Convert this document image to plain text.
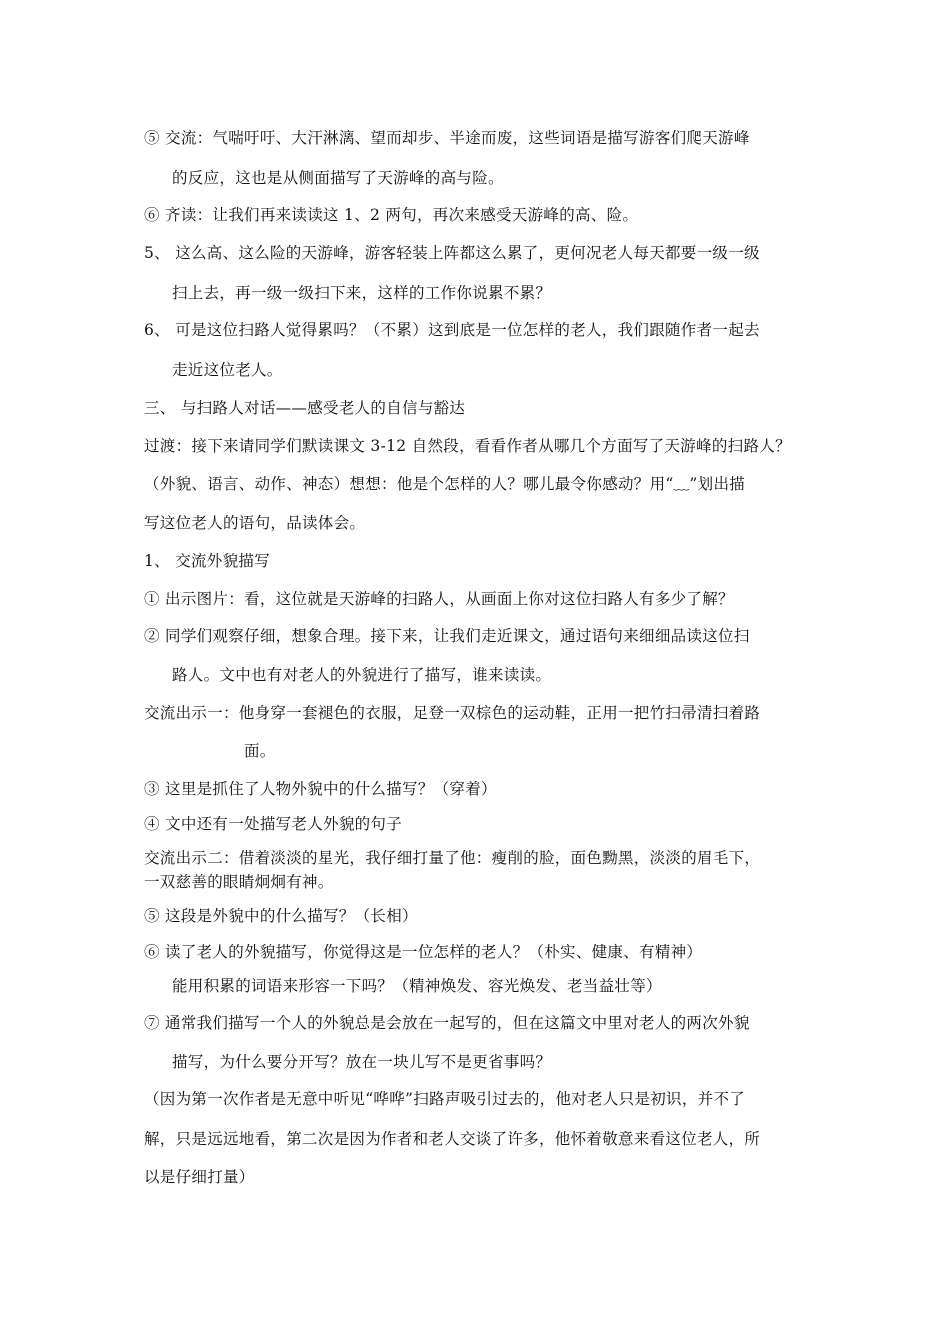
⑤ 交流：气喘吁吁、大汗淋漓、望而却步、半途而废，这些词语是描写游客们爬天游峰
的反应，这也是从侧面描写了天游峰的高与险。
⑥ 齐读：让我们再来读读这 1、2 两句，再次来感受天游峰的高、险。
5、 这么高、这么险的天游峰，游客轻装上阵都这么累了，更何况老人每天都要一级一级
扫上去，再一级一级扫下来，这样的工作你说累不累？
6、 可是这位扫路人觉得累吗？（不累）这到底是一位怎样的老人，我们跟随作者一起去
走近这位老人。
三、 与扫路人对话——感受老人的自信与豁达
过渡：接下来请同学们默读课文 3-12 自然段，看看作者从哪几个方面写了天游峰的扫路人？
（外貌、语言、动作、神态）想想：他是个怎样的人？哪儿最令你感动？用“﹏”划出描
写这位老人的语句，品读体会。
1、 交流外貌描写
① 出示图片：看，这位就是天游峰的扫路人，从画面上你对这位扫路人有多少了解？
② 同学们观察仔细，想象合理。接下来，让我们走近课文，通过语句来细细品读这位扫
路人。文中也有对老人的外貌进行了描写，谁来读读。
交流出示一：他身穿一套褪色的衣服，足登一双棕色的运动鞋，正用一把竹扫帚清扫着路
面。
③ 这里是抓住了人物外貌中的什么描写？（穿着）
④ 文中还有一处描写老人外貌的句子
交流出示二：借着淡淡的星光，我仔细打量了他：瘦削的脸，面色黝黑，淡淡的眉毛下，
一双慈善的眼睛炯炯有神。
⑤ 这段是外貌中的什么描写？（长相）
⑥ 读了老人的外貌描写，你觉得这是一位怎样的老人？（朴实、健康、有精神）
能用积累的词语来形容一下吗？（精神焕发、容光焕发、老当益壮等）
⑦ 通常我们描写一个人的外貌总是会放在一起写的，但在这篇文中里对老人的两次外貌
描写，为什么要分开写？放在一块儿写不是更省事吗？
（因为第一次作者是无意中听见“哗哗”扫路声吸引过去的，他对老人只是初识，并不了
解，只是远远地看，第二次是因为作者和老人交谈了许多，他怀着敬意来看这位老人，所
以是仔细打量）
